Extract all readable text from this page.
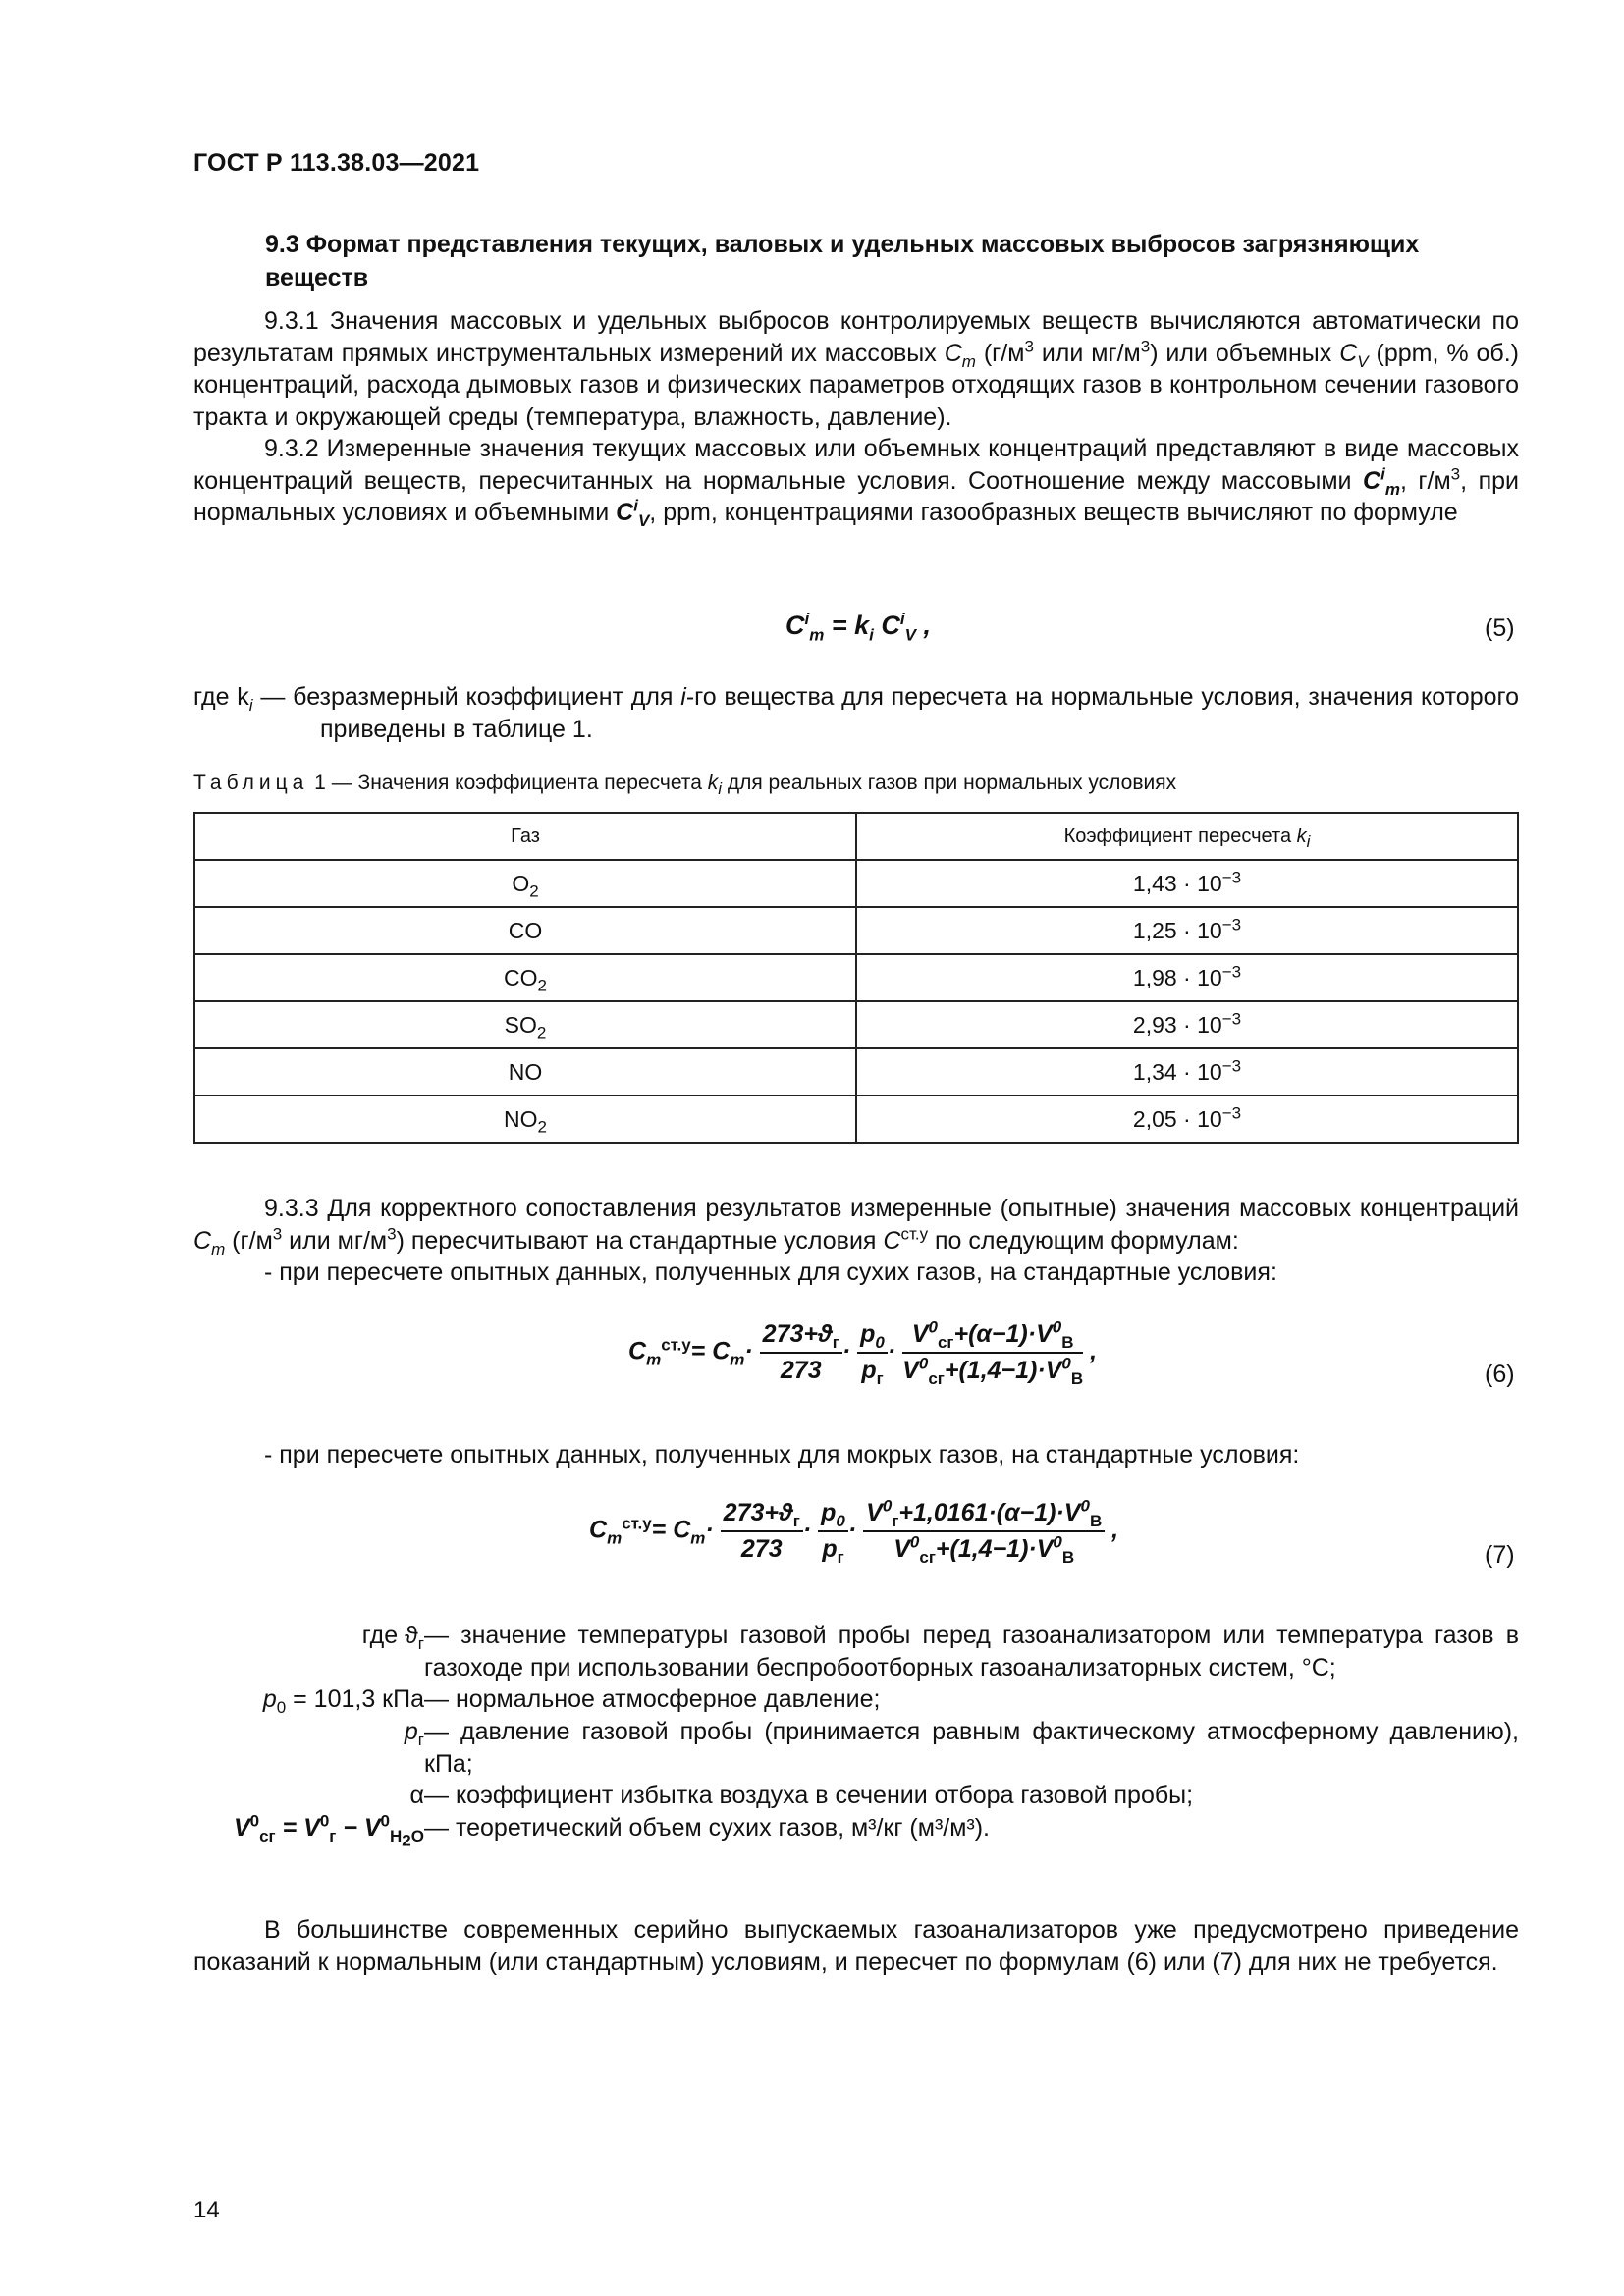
ГОСТ Р 113.38.03—2021
9.3 Формат представления текущих, валовых и удельных массовых выбросов загрязняющих веществ

9.3.1 Значения массовых и удельных выбросов контролируемых веществ вычисляются автоматически по результатам прямых инструментальных измерений их массовых $C_m$ ($г/м^3$ или $мг/м^3$) или объемных $C_V$ (ppm, % об.) концентраций, расхода дымовых газов и физических параметров отходящих газов в контрольном сечении газового тракта и окружающей среды (температура, влажность, давление).

9.3.2 Измеренные значения текущих массовых или объемных концентраций представляют в виде массовых концентраций веществ, пересчитанных на нормальные условия. Соотношение между массовыми $C^i_m$, $г/м^3$, при нормальных условиях и объемными $C^i_V$, ppm, концентрациями газообразных веществ вычисляют по формуле

$C^i_m = k_i$ $C^i_V$ ,	(5)
где $k_i$ — безразмерный коэффициент для i-го вещества для пересчета на нормальные условия, значения которого приведены в таблице 1.
Таблица 1 — Значения коэффициента пересчета $k_i$ для реальных газов при нормальных условиях
Газ	Коэффициент пересчета $k_i$
$O_2$	$1,43 \cdot 10^{-3}$
CO	$1,25 \cdot 10^{-3}$
$CO_2$	$1,98 \cdot 10^{-3}$
$SO_2$	$2,93 \cdot 10^{-3}$
NO	$1,34 \cdot 10^{-3}$
$NO_2$	$2,05 \cdot 10^{-3}$

9.3.3 Для корректного сопоставления результатов измеренные (опытные) значения массовых концентраций $C_m$ ($г/м^3$ или $мг/м^3$) пересчитывают на стандартные условия $C^{ст.у}$ по следующим формулам:

- при пересчете опытных данных, полученных для сухих газов, на стандартные условия:

$C_m^{ст.у}= C_m\cdot \frac{273+ϑ_г}{273} \cdot \frac{p_0}{p_г} \cdot \frac{V^0_{сг}+(\alpha-1)\cdot V^0_В}{V^0_{сг}+(1,4-1)\cdot V^0_В}$ ,
(6)
- при пересчете опытных данных, полученных для мокрых газов, на стандартные условия:
$C_m^{ст.у}= C_m\cdot \frac{273+ϑ_г}{273} \cdot \frac{p_0}{p_г} \cdot \frac{V^0_г+1,0161\cdot(\alpha-1)\cdot V^0_В}{V^0_{сг}+(1,4-1)\cdot V^0_В}$ ,
(7)
где $ϑ_г$ — значение температуры газовой пробы перед газоанализатором или температура газов в газоходе при использовании беспробоотборных газоанализаторных систем, °С;
$p_0 = 101,3$ кПа — нормальное атмосферное давление;
$p_г$ — давление газовой пробы (принимается равным фактическому атмосферному давлению), кПа;
α — коэффициент избытка воздуха в сечении отбора газовой пробы;
$V^0_{сг} = V^0_г - V^0_{H_2O}$ — теоретический объем сухих газов, м³/кг (м³/м³).
В большинстве современных серийно выпускаемых газоанализаторов уже предусмотрено приведение показаний к нормальным (или стандартным) условиям, и пересчет по формулам (6) или (7) для них не требуется.
14
